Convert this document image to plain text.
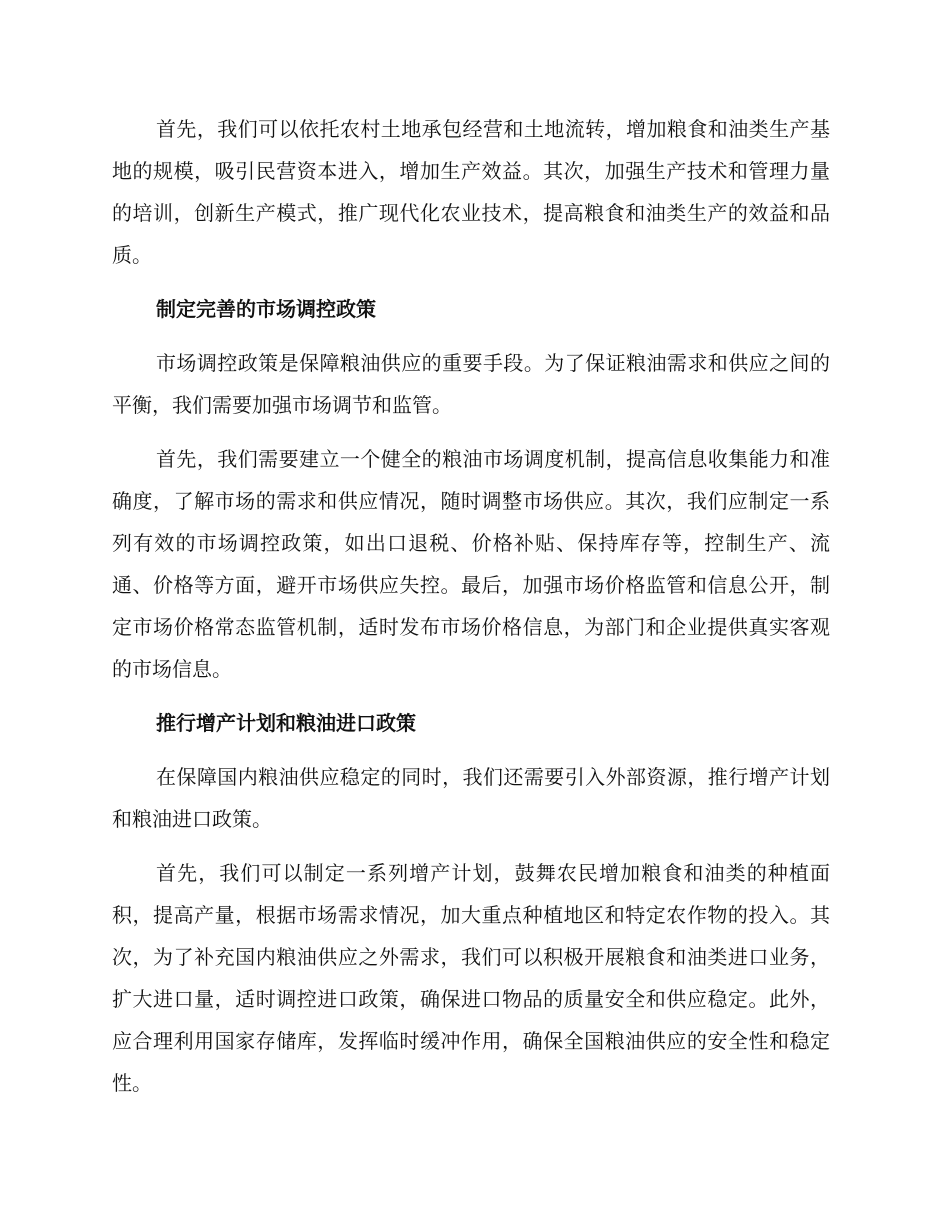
首先，我们可以依托农村土地承包经营和土地流转，增加粮食和油类生产基地的规模，吸引民营资本进入，增加生产效益。其次，加强生产技术和管理力量的培训，创新生产模式，推广现代化农业技术，提高粮食和油类生产的效益和品质。

制定完善的市场调控政策

市场调控政策是保障粮油供应的重要手段。为了保证粮油需求和供应之间的平衡，我们需要加强市场调节和监管。

首先，我们需要建立一个健全的粮油市场调度机制，提高信息收集能力和准确度，了解市场的需求和供应情况，随时调整市场供应。其次，我们应制定一系列有效的市场调控政策，如出口退税、价格补贴、保持库存等，控制生产、流通、价格等方面，避开市场供应失控。最后，加强市场价格监管和信息公开，制定市场价格常态监管机制，适时发布市场价格信息，为部门和企业提供真实客观的市场信息。

推行增产计划和粮油进口政策

在保障国内粮油供应稳定的同时，我们还需要引入外部资源，推行增产计划和粮油进口政策。

首先，我们可以制定一系列增产计划，鼓舞农民增加粮食和油类的种植面积，提高产量，根据市场需求情况，加大重点种植地区和特定农作物的投入。其次，为了补充国内粮油供应之外需求，我们可以积极开展粮食和油类进口业务，扩大进口量，适时调控进口政策，确保进口物品的质量安全和供应稳定。此外，应合理利用国家存储库，发挥临时缓冲作用，确保全国粮油供应的安全性和稳定性。
